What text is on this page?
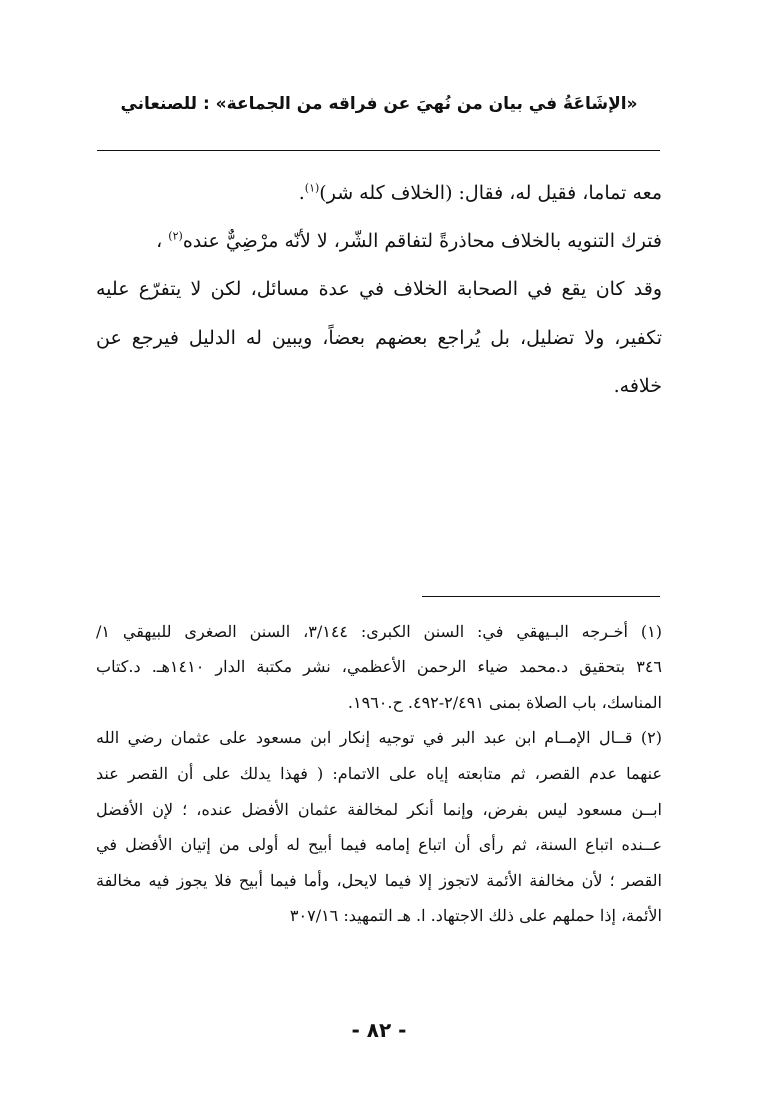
«الإشَاعَةُ في بيان من نُهيَ عن فراقه من الجماعة» : للصنعاني
معه تماما، فقيل له، فقال: (الخلاف كله شر)$^{(١)}$.
فترك التنويه بالخلاف محاذرةً لتفاقم الشّر، لا لأنّه مرْضِيٌّ عنده$^{(٢)}$ ،
وقد كان يقع في الصحابة الخلاف في عدة مسائل، لكن لا يتفرّع عليه
تكفير، ولا تضليل، بل يُراجع بعضهم بعضاً، ويبين له الدليل فيرجع عن
خلافه.
(١) أخـرجه البـيهقي في: السنن الكبرى: ٣/١٤٤، السنن الصغرى للبيهقي ١/
٣٤٦ بتحقيق د.محمد ضياء الرحمن الأعظمي، نشر مكتبة الدار ١٤١٠هـ. د.كتاب
المناسك، باب الصلاة بمنى ٢/٤٩١-٤٩٢. ح.١٩٦٠.
(٢) قــال الإمــام ابن عبد البر في توجيه إنكار ابن مسعود على عثمان رضي الله
عنهما عدم القصر، ثم متابعته إياه على الاتمام: ( فهذا يدلك على أن القصر عند
ابــن مسعود ليس بفرض، وإنما أنكر لمخالفة عثمان الأفضل عنده، ؛ لإن الأفضل
عــنده اتباع السنة، ثم رأى أن اتباع إمامه فيما أبيح له أولى من إتيان الأفضل في
القصر ؛ لأن مخالفة الأئمة لاتجوز إلا فيما لايحل، وأما فيما أبيح فلا يجوز فيه مخالفة
الأئمة، إذا حملهم على ذلك الاجتهاد. ا. هـ التمهيد: ٣٠٧/١٦
- ٨٢ -
